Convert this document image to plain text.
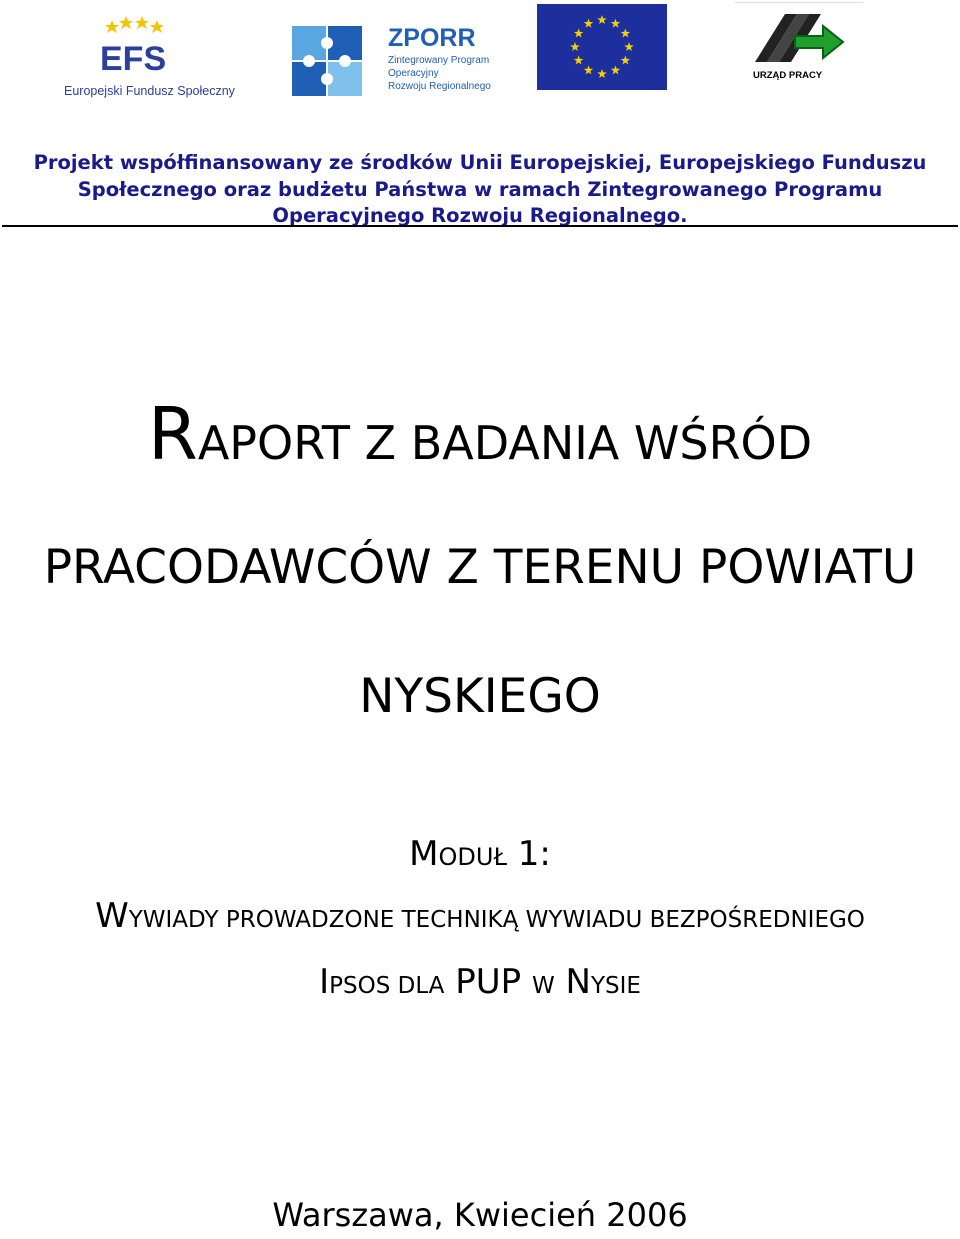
EFS
Europejski Fundusz Społeczny
ZPORR
Zintegrowany Program
Operacyjny
Rozwoju Regionalnego
URZĄD PRACY
Projekt współfinansowany ze środków Unii Europejskiej, Europejskiego Funduszu
Społecznego oraz budżetu Państwa w ramach Zintegrowanego Programu
Operacyjnego Rozwoju Regionalnego.
RAPORT Z BADANIA WŚRÓD
PRACODAWCÓW Z TERENU POWIATU
NYSKIEGO
MODUŁ 1:
WYWIADY PROWADZONE TECHNIKĄ WYWIADU BEZPOŚREDNIEGO
IPSOS DLA PUP W NYSIE
Warszawa, Kwiecień 2006
